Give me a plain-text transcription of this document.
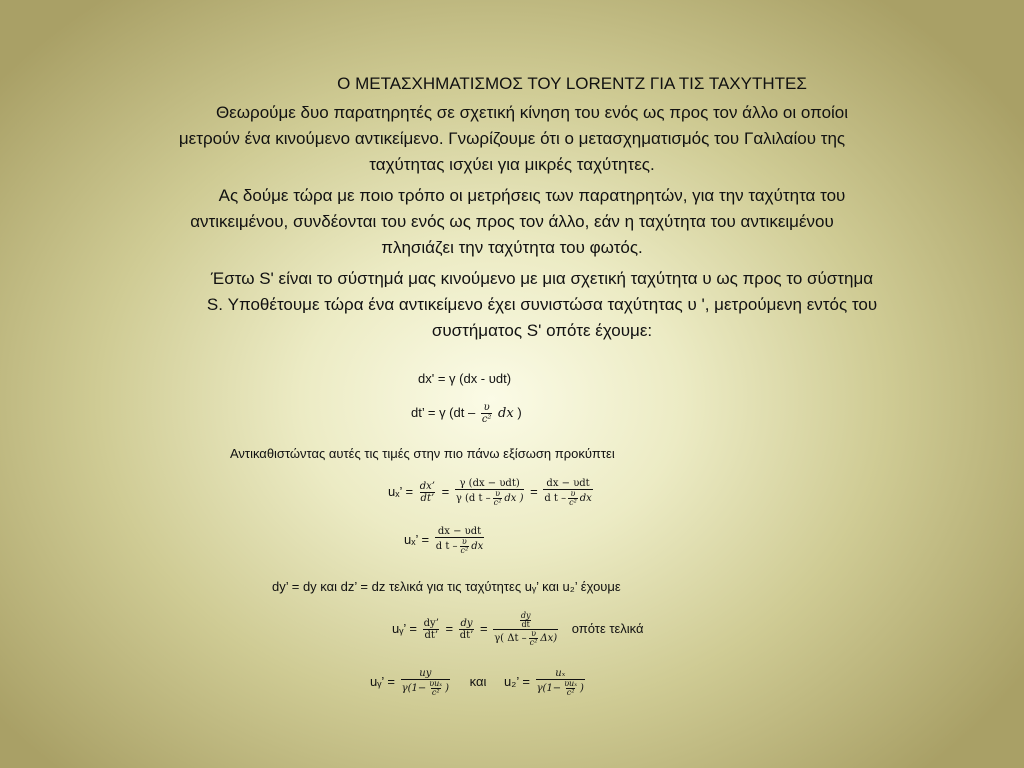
Ο ΜΕΤΑΣΧΗΜΑΤΙΣΜΟΣ ΤΟΥ LORENTZ ΓΙΑ ΤΙΣ ΤΑΧΥΤΗΤΕΣ
Θεωρούμε δυο παρατηρητές σε σχετική κίνηση του ενός ως προς τον άλλο οι οποίοι
μετρούν ένα κινούμενο αντικείμενο. Γνωρίζουμε ότι ο μετασχηματισμός του Γαλιλαίου της
ταχύτητας ισχύει για μικρές ταχύτητες.
Ας δούμε τώρα με ποιο τρόπο οι μετρήσεις των παρατηρητών, για την ταχύτητα του
αντικειμένου, συνδέονται του ενός ως προς τον άλλο, εάν η ταχύτητα του αντικειμένου
πλησιάζει την ταχύτητα του φωτός.
Έστω S' είναι το σύστημά μας κινούμενο με μια σχετική ταχύτητα υ ως προς το σύστημα
S. Υποθέτουμε τώρα ένα αντικείμενο έχει συνιστώσα ταχύτητας υ ', μετρούμενη εντός του
συστήματος S' οπότε έχουμε:
dx' = γ (dx - υdt)
dt’ = γ ($dt - \frac{\upsilon}{\text{c²}}$ dx )
Αντικαθιστώντας αυτές τις τιμές στην πιο πάνω εξίσωση προκύπτει
uₓ’ = $\frac{dx’}{dt’} = \frac{\text{γ (dx − υdt)}}{\gamma (d t - \frac{\upsilon}{\text{c²}} dx )} = \frac{\text{dx − υdt}}{d t - \frac{\upsilon}{\text{c²}} dx}$
uₓ’ = $\frac{\text{dx − υdt}}{d t - \frac{\upsilon}{\text{c²}} dx}$
dy’ = dy και dz’ = dz τελικά για τις ταχύτητες uᵧ’ και u₂’ έχουμε
uᵧ’ = $\frac{dy’}{dt’} = \frac{dy}{dt’} = \frac{\frac{dy}{dt}}{\gamma( \Delta t - \frac{\upsilon}{\text{c²}} \Delta x)}$ οπότε τελικά
uᵧ’ = $\frac{uy}{\gamma(1- \frac{\text{υuₓ}}{\text{c²}} )}$ και u₂’ = $\frac{\text{uₓ}}{\gamma(1- \frac{\text{υuₓ}}{\text{c²}} )}$
